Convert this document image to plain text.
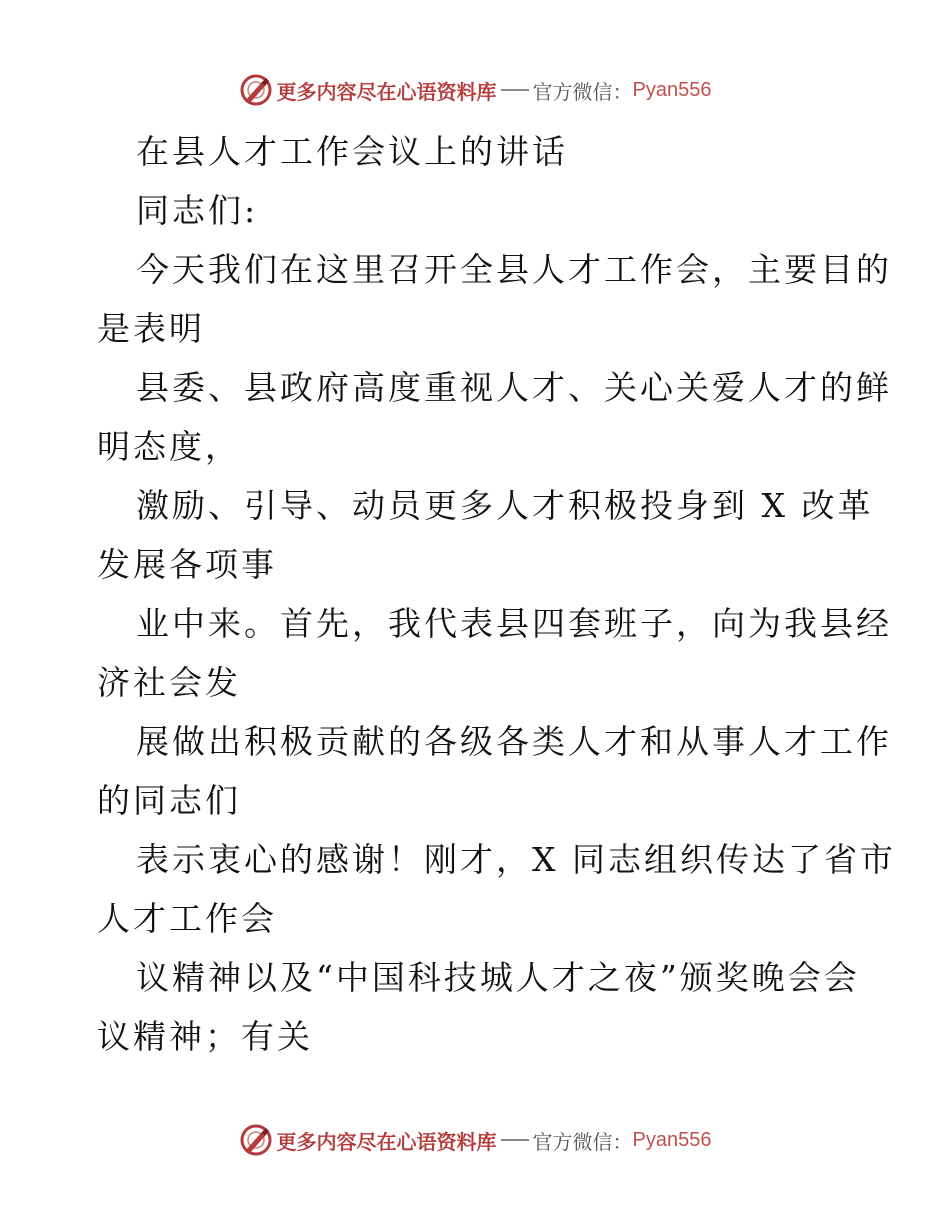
更多内容尽在心语资料库 官方微信： Pyan556
在县人才工作会议上的讲话
同志们:
今天我们在这里召开全县人才工作会，主要目的
是表明
县委、县政府高度重视人才、关心关爱人才的鲜
明态度，
激励、引导、动员更多人才积极投身到 X 改革
发展各项事
业中来。首先，我代表县四套班子，向为我县经
济社会发
展做出积极贡献的各级各类人才和从事人才工作
的同志们
表示衷心的感谢！刚才，X 同志组织传达了省市
人才工作会
议精神以及“中国科技城人才之夜”颁奖晚会会
议精神；有关
更多内容尽在心语资料库 官方微信： Pyan556
